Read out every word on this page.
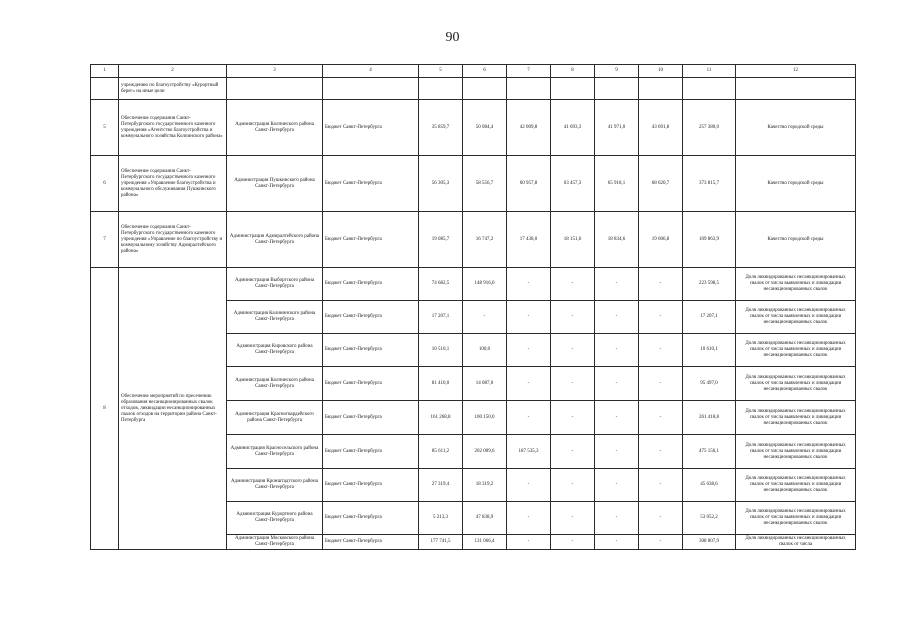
90
1	2	3	4	5	6	7	8	9	10	11	12
	учреждению по благоустройству «Курортный берег» на иные цели										
5	Обеспечение содержания Санкт-Петербургского государственного казенного учреждения «Агентство благоустройства и коммунального хозяйства Колпинского района»	Администрация Колпинского района Санкт-Петербурга	Бюджет Санкт-Петербурга	35 859,7	50 084,4	42 009,8	41 693,3	41 971,0	43 691,8	257 380,0	Качество городской среды
6	Обеспечение содержания Санкт-Петербургского государственного казенного учреждения «Управление благоустройства и коммунального обслуживания Пушкинского района»	Администрация Пушкинского района Санкт-Петербурга	Бюджет Санкт-Петербурга	56 305,3	58 556,7	60 957,8	63 457,3	65 918,1	68 620,7	373 815,7	Качество городской среды
7	Обеспечение содержания Санкт-Петербургского государственного казенного учреждения «Управление по благоустройству и коммунальному хозяйству Адмиралтейского района»	Администрация Адмиралтейского района Санкт-Петербурга	Бюджет Санкт-Петербурга	19 085,7	16 747,2	17 438,0	18 151,6	18 834,6	19 606,8	109 863,9	Качество городской среды
8	Обеспечение мероприятий по пресечению образования несанкционированных свалок отходов, ликвидации несанкционированных свалок отходов на территории района Санкт-Петербурга	Администрация Выборгского района Санкт-Петербурга	Бюджет Санкт-Петербурга	74 682,5	148 916,0	-	-	-	-	223 598,5	Доля ликвидированных несанкционированных свалок от числа выявленных и ликвидации несанкционированных свалок
		Администрация Калининского района Санкт-Петербурга	Бюджет Санкт-Петербурга	17 207,1	-	-	-	-	-	17 207,1	Доля ликвидированных несанкционированных свалок от числа выявленных и ликвидации несанкционированных свалок
		Администрация Кировского района Санкт-Петербурга	Бюджет Санкт-Петербурга	10 510,1	100,0	-	-	-	-	10 610,1	Доля ликвидированных несанкционированных свалок от числа выявленных и ликвидации несанкционированных свалок
		Администрация Колпинского района Санкт-Петербурга	Бюджет Санкт-Петербурга	81 410,0	14 087,0	-	-	-	-	95 497,0	Доля ликвидированных несанкционированных свалок от числа выявленных и ликвидации несанкционированных свалок
		Администрация Красногвардейского района Санкт-Петербурга	Бюджет Санкт-Петербурга	161 268,8	100 150,0	-	-	-	-	261 418,8	Доля ликвидированных несанкционированных свалок от числа выявленных и ликвидации несанкционированных свалок
		Администрация Красносельского района Санкт-Петербурга	Бюджет Санкт-Петербурга	85 611,2	202 009,6	187 535,3	-	-	-	475 156,1	Доля ликвидированных несанкционированных свалок от числа выявленных и ликвидации несанкционированных свалок
		Администрация Кронштадтского района Санкт-Петербурга	Бюджет Санкт-Петербурга	27 319,4	18 319,2	-	-	-	-	45 638,6	Доля ликвидированных несанкционированных свалок от числа выявленных и ликвидации несанкционированных свалок
		Администрация Курортного района Санкт-Петербурга	Бюджет Санкт-Петербурга	5 213,3	47 838,9	-	-	-	-	53 052,2	Доля ликвидированных несанкционированных свалок от числа выявленных и ликвидации несанкционированных свалок
		Администрация Московского района Санкт-Петербурга	Бюджет Санкт-Петербурга	177 741,5	131 066,4	-	-	-	-	308 807,9	Доля ликвидированных несанкционированных свалок от числа
